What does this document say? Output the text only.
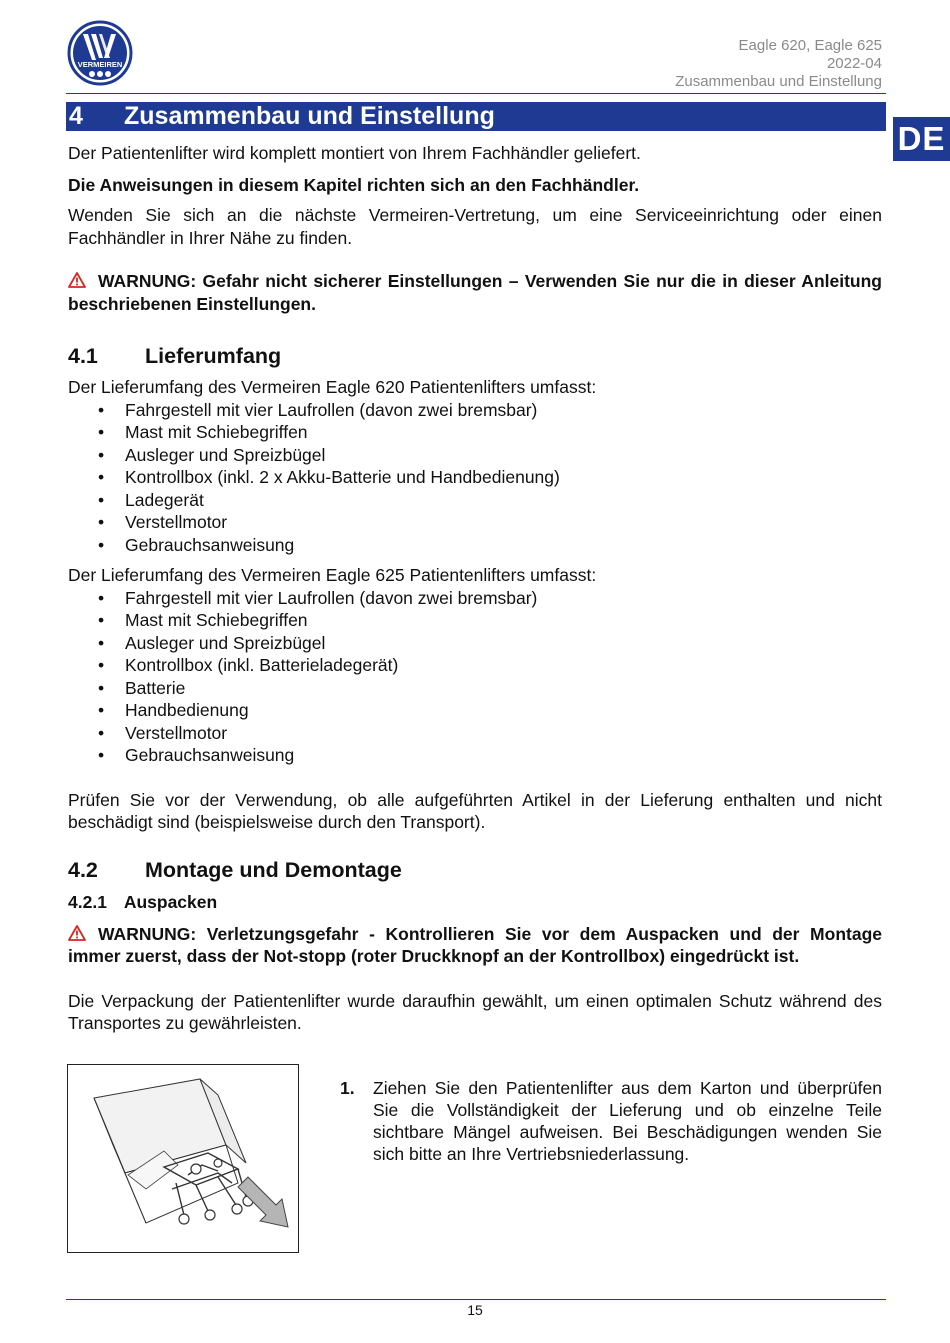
VERMEIREN
Eagle 620, Eagle 625
2022-04
Zusammenbau und Einstellung
4 Zusammenbau und Einstellung
DE

Der Patientenlifter wird komplett montiert von Ihrem Fachhändler geliefert.

Die Anweisungen in diesem Kapitel richten sich an den Fachhändler.

Wenden Sie sich an die nächste Vermeiren-Vertretung, um eine Serviceeinrichtung oder einen Fachhändler in Ihrer Nähe zu finden.

WARNUNG: Gefahr nicht sicherer Einstellungen – Verwenden Sie nur die in dieser Anleitung beschriebenen Einstellungen.

4.1 Lieferumfang

Der Lieferumfang des Vermeiren Eagle 620 Patientenlifters umfasst:

• Fahrgestell mit vier Laufrollen (davon zwei bremsbar)
• Mast mit Schiebegriffen
• Ausleger und Spreizbügel
• Kontrollbox (inkl. 2 x Akku-Batterie und Handbedienung)
• Ladegerät
• Verstellmotor
• Gebrauchsanweisung

Der Lieferumfang des Vermeiren Eagle 625 Patientenlifters umfasst:

• Fahrgestell mit vier Laufrollen (davon zwei bremsbar)
• Mast mit Schiebegriffen
• Ausleger und Spreizbügel
• Kontrollbox (inkl. Batterieladegerät)
• Batterie
• Handbedienung
• Verstellmotor
• Gebrauchsanweisung

Prüfen Sie vor der Verwendung, ob alle aufgeführten Artikel in der Lieferung enthalten und nicht beschädigt sind (beispielsweise durch den Transport).

4.2 Montage und Demontage
4.2.1 Auspacken

WARNUNG: Verletzungsgefahr - Kontrollieren Sie vor dem Auspacken und der Montage immer zuerst, dass der Not-stopp (roter Druckknopf an der Kontrollbox) eingedrückt ist.

Die Verpackung der Patientenlifter wurde daraufhin gewählt, um einen optimalen Schutz während des Transportes zu gewährleisten.

1. Ziehen Sie den Patientenlifter aus dem Karton und überprüfen Sie die Vollständigkeit der Lieferung und ob einzelne Teile sichtbare Mängel aufweisen. Bei Beschädigungen wenden Sie sich bitte an Ihre Vertriebsniederlassung.

15
